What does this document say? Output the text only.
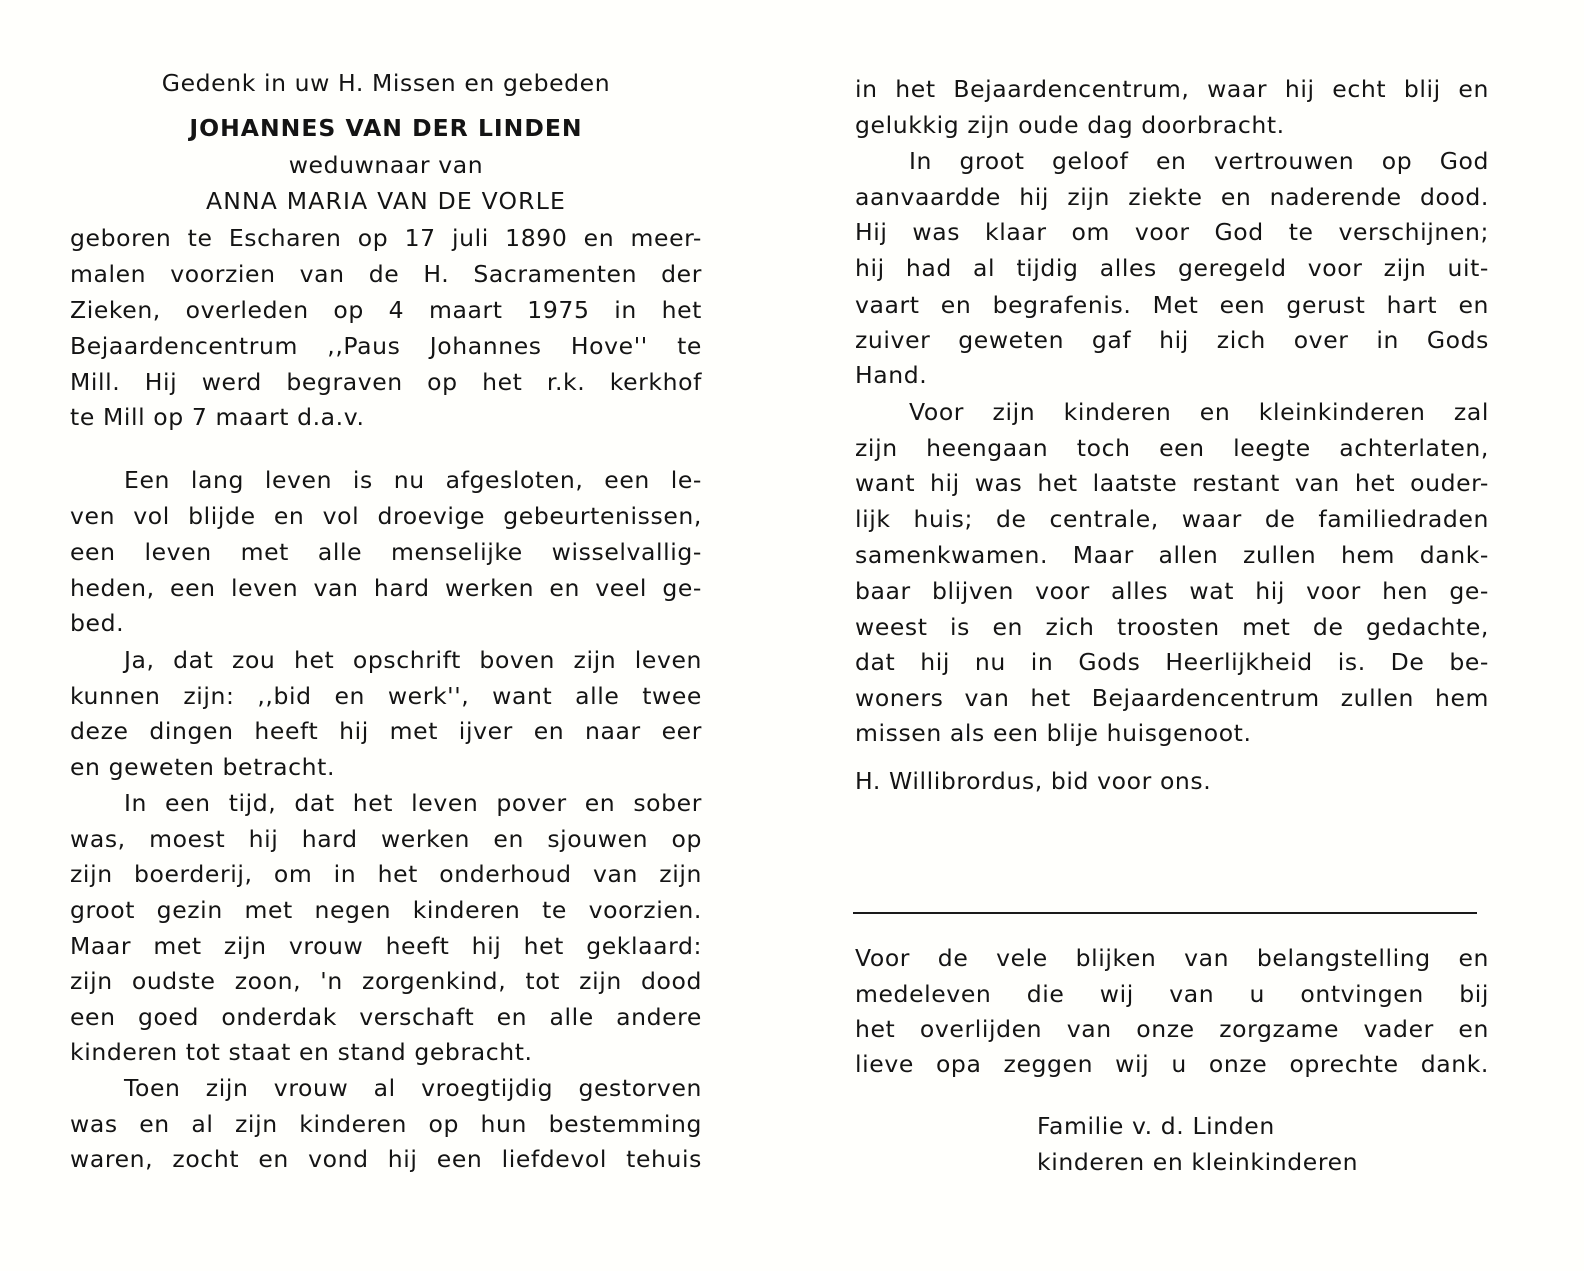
Gedenk in uw H. Missen en gebeden
JOHANNES VAN DER LINDEN
weduwnaar van
ANNA MARIA VAN DE VORLE
geboren te Escharen op 17 juli 1890 en meer-
malen voorzien van de H. Sacramenten der
Zieken, overleden op 4 maart 1975 in het
Bejaardencentrum ,,Paus Johannes Hove'' te
Mill. Hij werd begraven op het r.k. kerkhof
te Mill op 7 maart d.a.v.
Een lang leven is nu afgesloten, een le-
ven vol blijde en vol droevige gebeurtenissen,
een leven met alle menselijke wisselvallig-
heden, een leven van hard werken en veel ge-
bed.
Ja, dat zou het opschrift boven zijn leven
kunnen zijn: ,,bid en werk'', want alle twee
deze dingen heeft hij met ijver en naar eer
en geweten betracht.
In een tijd, dat het leven pover en sober
was, moest hij hard werken en sjouwen op
zijn boerderij, om in het onderhoud van zijn
groot gezin met negen kinderen te voorzien.
Maar met zijn vrouw heeft hij het geklaard:
zijn oudste zoon, 'n zorgenkind, tot zijn dood
een goed onderdak verschaft en alle andere
kinderen tot staat en stand gebracht.
Toen zijn vrouw al vroegtijdig gestorven
was en al zijn kinderen op hun bestemming
waren, zocht en vond hij een liefdevol tehuis
in het Bejaardencentrum, waar hij echt blij en
gelukkig zijn oude dag doorbracht.
In groot geloof en vertrouwen op God
aanvaardde hij zijn ziekte en naderende dood.
Hij was klaar om voor God te verschijnen;
hij had al tijdig alles geregeld voor zijn uit-
vaart en begrafenis. Met een gerust hart en
zuiver geweten gaf hij zich over in Gods
Hand.
Voor zijn kinderen en kleinkinderen zal
zijn heengaan toch een leegte achterlaten,
want hij was het laatste restant van het ouder-
lijk huis; de centrale, waar de familiedraden
samenkwamen. Maar allen zullen hem dank-
baar blijven voor alles wat hij voor hen ge-
weest is en zich troosten met de gedachte,
dat hij nu in Gods Heerlijkheid is. De be-
woners van het Bejaardencentrum zullen hem
missen als een blije huisgenoot.
H. Willibrordus, bid voor ons.
Voor de vele blijken van belangstelling en
medeleven die wij van u ontvingen bij
het overlijden van onze zorgzame vader en
lieve opa zeggen wij u onze oprechte dank.
Familie v. d. Linden
kinderen en kleinkinderen
